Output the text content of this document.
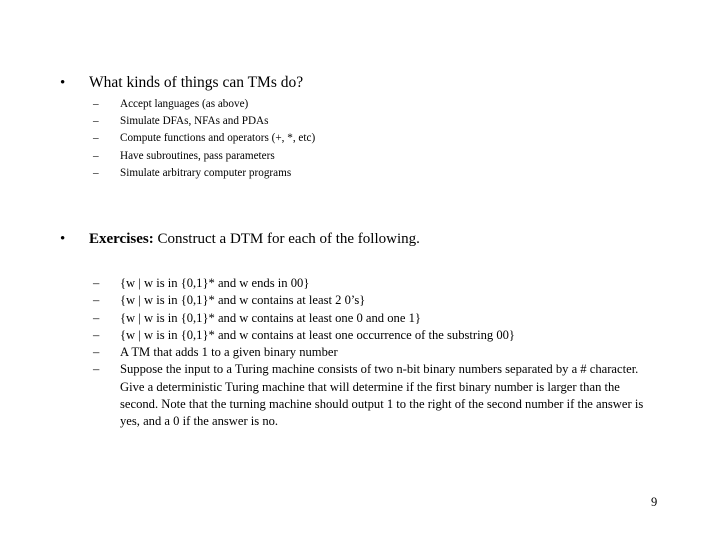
• What kinds of things can TMs do?
– Accept languages (as above)
– Simulate DFAs, NFAs and PDAs
– Compute functions and operators (+, *, etc)
– Have subroutines, pass parameters
– Simulate arbitrary computer programs
• Exercises: Construct a DTM for each of the following.
– {w | w is in {0,1}* and w ends in 00}
– {w | w is in {0,1}* and w contains at least 2 0’s}
– {w | w is in {0,1}* and w contains at least one 0 and one 1}
– {w | w is in {0,1}* and w contains at least one occurrence of the substring 00}
– A TM that adds 1 to a given binary number
– Suppose the input to a Turing machine consists of two n-bit binary numbers separated by a # character. Give a deterministic Turing machine that will determine if the first binary number is larger than the second. Note that the turning machine should output 1 to the right of the second number if the answer is yes, and a 0 if the answer is no.
9
